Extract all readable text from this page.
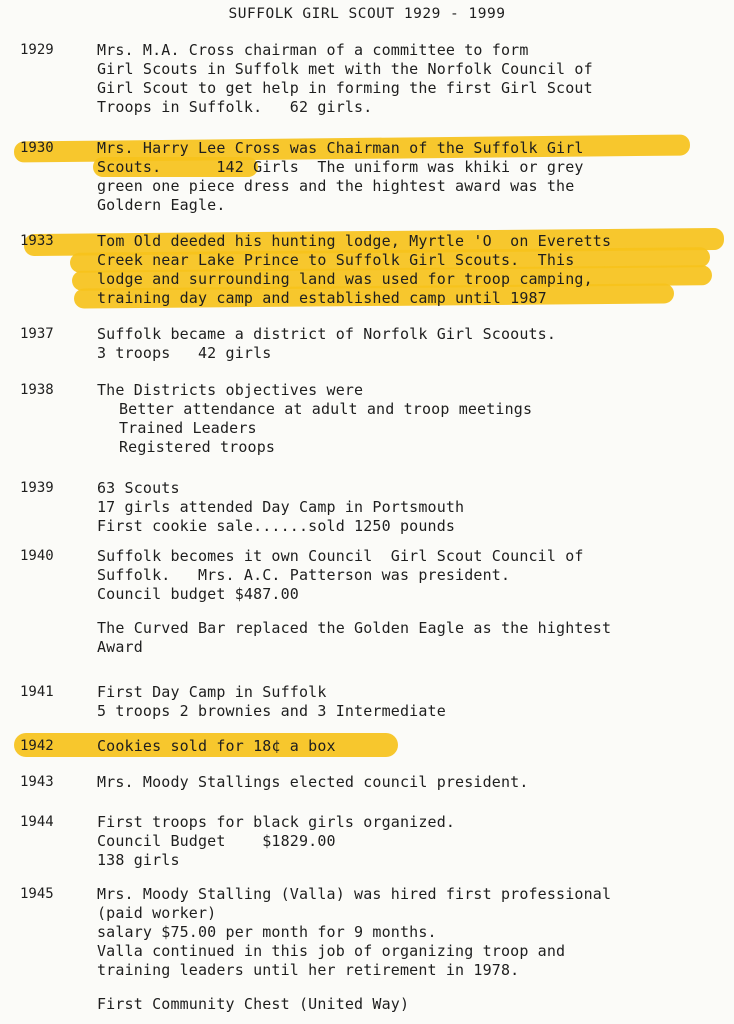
SUFFOLK GIRL SCOUT 1929 - 1999
1929	Mrs. M.A. Cross chairman of a committee to form
Girl Scouts in Suffolk met with the Norfolk Council of
Girl Scout to get help in forming the first Girl Scout
Troops in Suffolk.   62 girls.
1930	Mrs. Harry Lee Cross was Chairman of the Suffolk Girl
Scouts.      142 Girls  The uniform was khiki or grey
green one piece dress and the hightest award was the
Goldern Eagle.
1933	Tom Old deeded his hunting lodge, Myrtle 'O  on Everetts
Creek near Lake Prince to Suffolk Girl Scouts.  This
lodge and surrounding land was used for troop camping,
training day camp and established camp until 1987
1937	Suffolk became a district of Norfolk Girl Scoouts.
3 troops   42 girls
1938	The Districts objectives were
Better attendance at adult and troop meetings
Trained Leaders
Registered troops
1939	63 Scouts
17 girls attended Day Camp in Portsmouth
First cookie sale......sold 1250 pounds
1940	Suffolk becomes it own Council  Girl Scout Council of
Suffolk.   Mrs. A.C. Patterson was president.
Council budget $487.00
The Curved Bar replaced the Golden Eagle as the hightest
Award
1941	First Day Camp in Suffolk
5 troops 2 brownies and 3 Intermediate
1942	Cookies sold for 18¢ a box
1943	Mrs. Moody Stallings elected council president.
1944	First troops for black girls organized.
Council Budget    $1829.00
138 girls
1945	Mrs. Moody Stalling (Valla) was hired first professional
(paid worker)
salary $75.00 per month for 9 months.
Valla continued in this job of organizing troop and
training leaders until her retirement in 1978.
First Community Chest (United Way)
